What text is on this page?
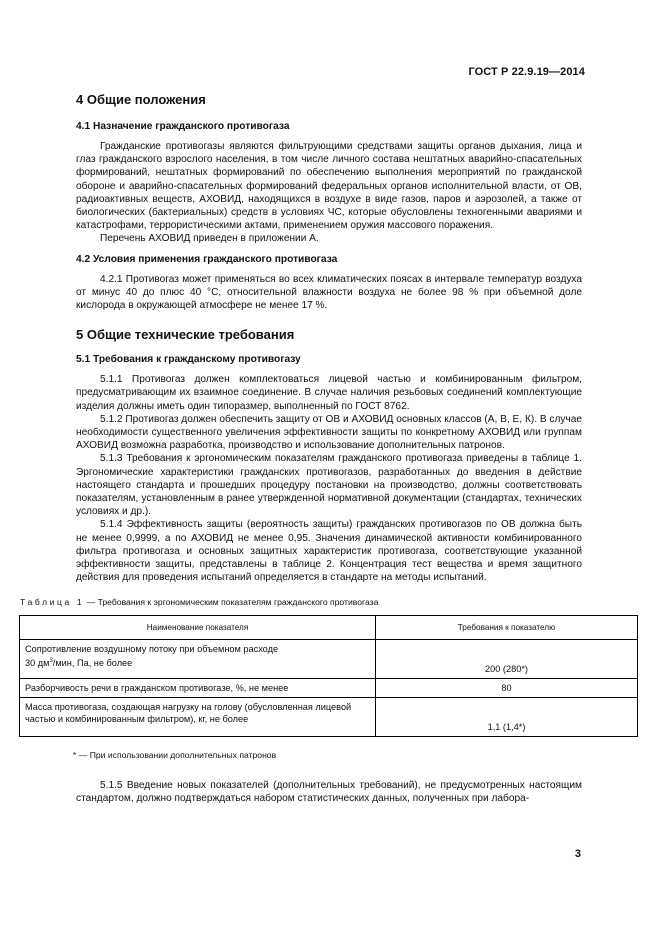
ГОСТ Р 22.9.19—2014
4 Общие положения
4.1 Назначение гражданского противогаза

Гражданские противогазы являются фильтрующими средствами защиты органов дыхания, лица и глаз гражданского взрослого населения, в том числе личного состава нештатных аварийно-спасательных формирований, нештатных формирований по обеспечению выполнения мероприятий по гражданской обороне и аварийно-спасательных формирований федеральных органов исполнительной власти, от ОВ, радиоактивных веществ, АХОВИД, находящихся в воздухе в виде газов, паров и аэрозолей, а также от биологических (бактериальных) средств в условиях ЧС, которые обусловлены техногенными авариями и катастрофами, террористическими актами, применением оружия массового поражения.

Перечень АХОВИД приведен в приложении А.

4.2 Условия применения гражданского противогаза

4.2.1 Противогаз может применяться во всех климатических поясах в интервале температур воздуха от минус 40 до плюс 40 °С, относительной влажности воздуха не более 98 % при объемной доле кислорода в окружающей атмосфере не менее 17 %.

5 Общие технические требования
5.1 Требования к гражданскому противогазу

5.1.1 Противогаз должен комплектоваться лицевой частью и комбинированным фильтром, предусматривающим их взаимное соединение. В случае наличия резьбовых соединений комплектующие изделия должны иметь один типоразмер, выполненный по ГОСТ 8762.

5.1.2 Противогаз должен обеспечить защиту от ОВ и АХОВИД основных классов (А, В, Е, К). В случае необходимости существенного увеличения эффективности защиты по конкретному АХОВИД или группам АХОВИД возможна разработка, производство и использование дополнительных патронов.

5.1.3 Требования к эргономическим показателям гражданского противогаза приведены в таблице 1. Эргономические характеристики гражданских противогазов, разработанных до введения в действие настоящего стандарта и прошедших процедуру постановки на производство, должны соответствовать показателям, установленным в ранее утвержденной нормативной документации (стандартах, технических условиях и др.).

5.1.4 Эффективность защиты (вероятность защиты) гражданских противогазов по ОВ должна быть не менее 0,9999, а по АХОВИД не менее 0,95. Значения динамической активности комбинированного фильтра противогаза и основных защитных характеристик противогаза, соответствующие указанной эффективности защиты, представлены в таблице 2. Концентрация тест вещества и время защитного действия для проведения испытаний определяется в стандарте на методы испытаний.

Таблица 1 — Требования к эргономическим показателям гражданского противогаза
Наименование показателя	Требования к показателю
Сопротивление воздушному потоку при объемном расходе
30 $дм^3$/мин, Па, не более	200 (280*)
Разборчивость речи в гражданском противогазе, %, не менее	80
Масса противогаза, создающая нагрузку на голову (обусловленная лицевой частью и комбинированным фильтром), кг, не более	1,1 (1,4*)
* — При использовании дополнительных патронов

5.1.5 Введение новых показателей (дополнительных требований), не предусмотренных настоящим стандартом, должно подтверждаться набором статистических данных, полученных при лабора-

3
